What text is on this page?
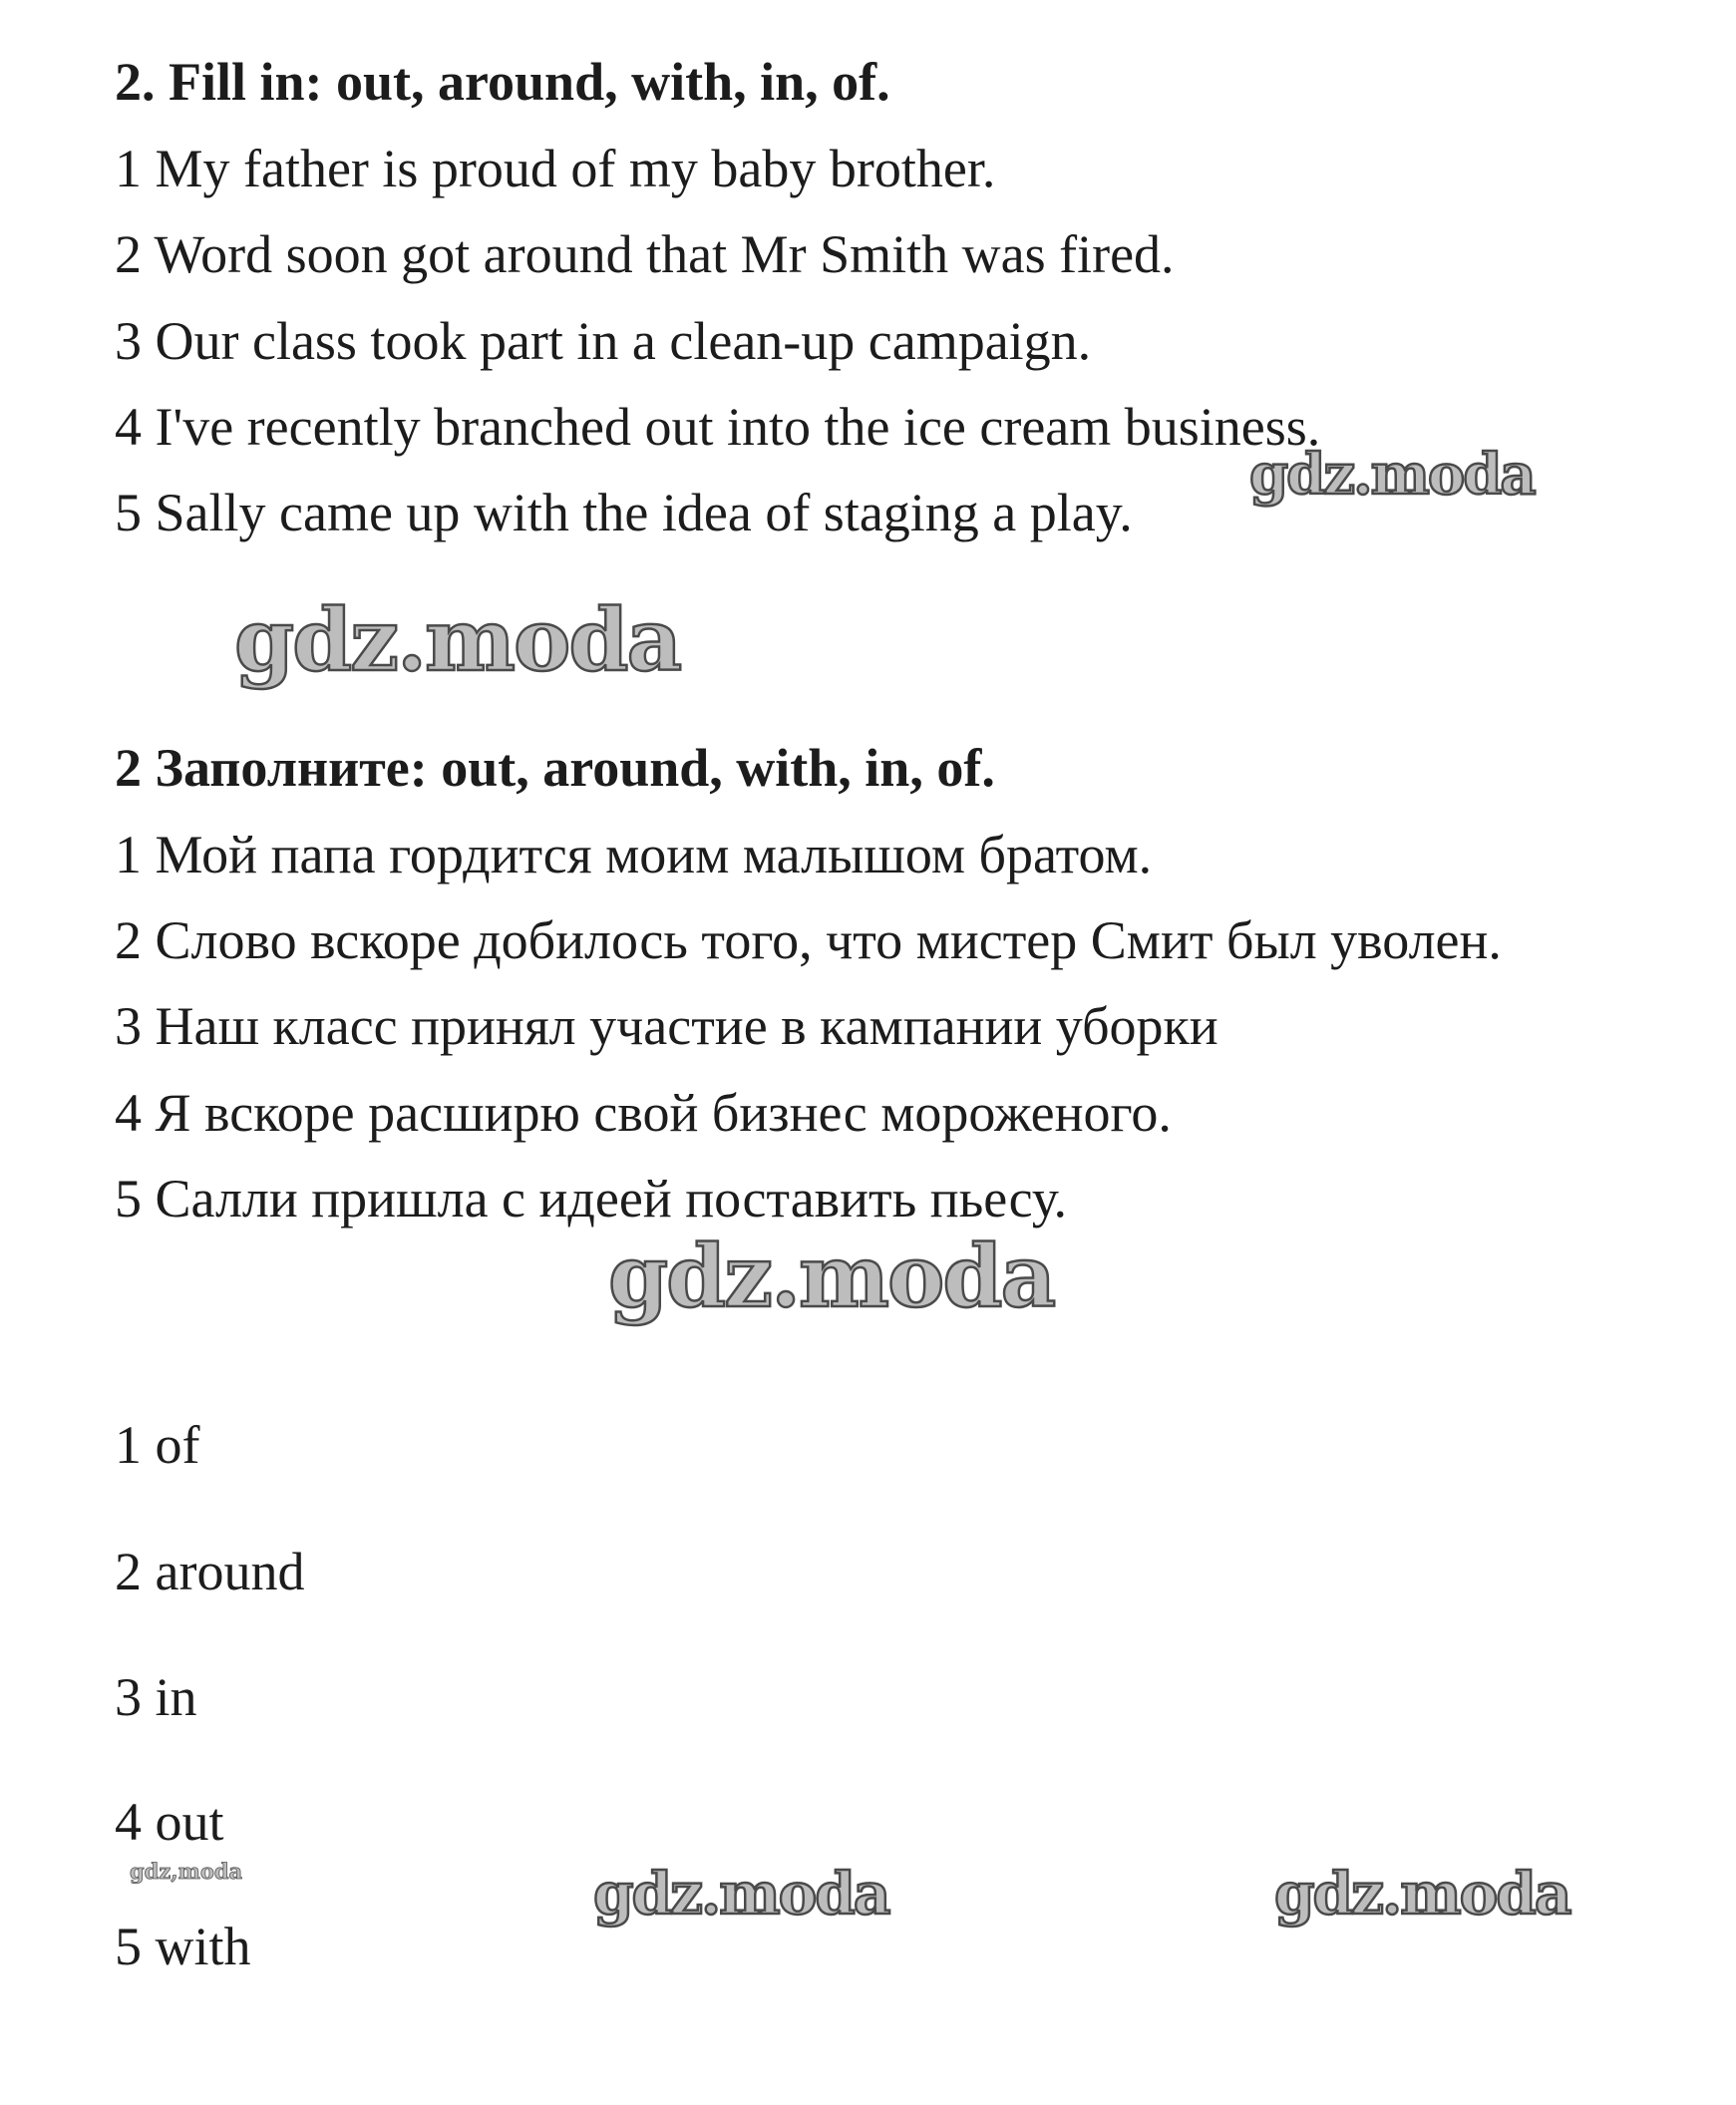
2. Fill in: out, around, with, in, of.
1 My father is proud of my baby brother.
2 Word soon got around that Mr Smith was fired.
3 Our class took part in a clean-up campaign.
4 I've recently branched out into the ice cream business.
5 Sally came up with the idea of staging a play.
2 Заполните: out, around, with, in, of.
1 Мой папа гордится моим малышом братом.
2 Слово вскоре добилось того, что мистер Смит был уволен.
3 Наш класс принял участие в кампании уборки
4 Я вскоре расширю свой бизнес мороженого.
5 Салли пришла с идеей поставить пьесу.
1 of
2 around
3 in
4 out
5 with
gdz.moda
gdz.moda
gdz.moda
gdz,moda	gdz.moda	gdz.moda
